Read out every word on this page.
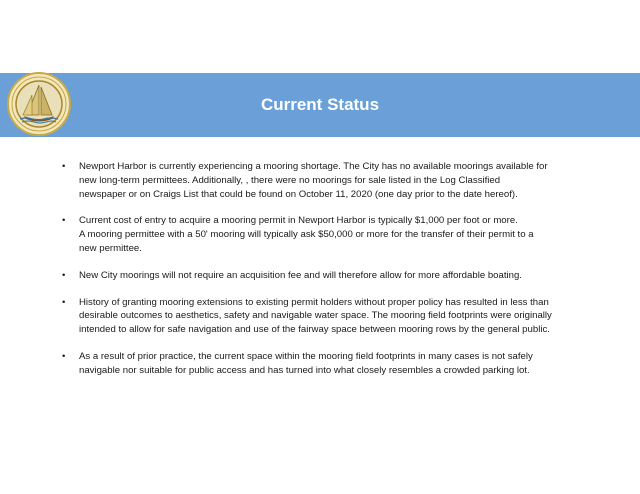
Current Status
• Newport Harbor is currently experiencing a mooring shortage. The City has no available moorings available for
new long-term permittees. Additionally, , there were no moorings for sale listed in the Log Classified
newspaper or on Craigs List that could be found on October 11, 2020 (one day prior to the date hereof).
• Current cost of entry to acquire a mooring permit in Newport Harbor is typically $1,000 per foot or more.
A mooring permittee with a 50' mooring will typically ask $50,000 or more for the transfer of their permit to a
new permittee.
• New City moorings will not require an acquisition fee and will therefore allow for more affordable boating.
• History of granting mooring extensions to existing permit holders without proper policy has resulted in less than
desirable outcomes to aesthetics, safety and navigable water space. The mooring field footprints were originally
intended to allow for safe navigation and use of the fairway space between mooring rows by the general public.
• As a result of prior practice, the current space within the mooring field footprints in many cases is not safely
navigable nor suitable for public access and has turned into what closely resembles a crowded parking lot.
